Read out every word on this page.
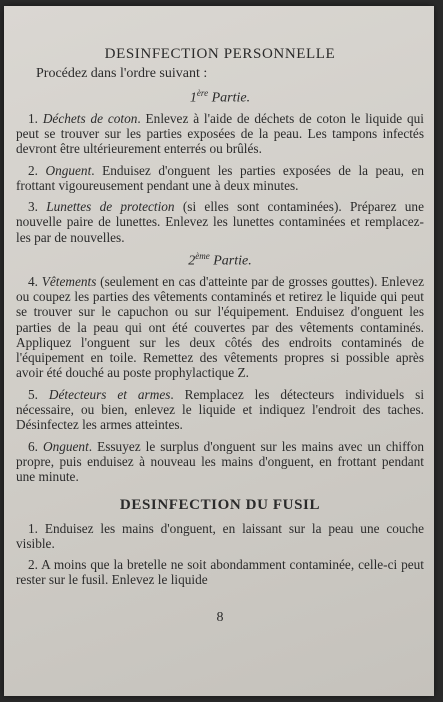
DESINFECTION PERSONNELLE

Procédez dans l'ordre suivant :

1ère Partie.

1. Déchets de coton. Enlevez à l'aide de déchets de coton le liquide qui peut se trouver sur les parties exposées de la peau. Les tampons infectés devront être ultérieurement enterrés ou brûlés.

2. Onguent. Enduisez d'onguent les parties exposées de la peau, en frottant vigoureusement pendant une à deux minutes.

3. Lunettes de protection (si elles sont contaminées). Préparez une nouvelle paire de lunettes. Enlevez les lunettes contaminées et remplacez-les par de nouvelles.

2ème Partie.

4. Vêtements (seulement en cas d'atteinte par de grosses gouttes). Enlevez ou coupez les parties des vêtements contaminés et retirez le liquide qui peut se trouver sur le capuchon ou sur l'équipement. Enduisez d'onguent les parties de la peau qui ont été couvertes par des vêtements contaminés. Appliquez l'onguent sur les deux côtés des endroits contaminés de l'équipement en toile. Remettez des vêtements propres si possible après avoir été douché au poste prophylactique Z.

5. Détecteurs et armes. Remplacez les détecteurs individuels si nécessaire, ou bien, enlevez le liquide et indiquez l'endroit des taches. Désinfectez les armes atteintes.

6. Onguent. Essuyez le surplus d'onguent sur les mains avec un chiffon propre, puis enduisez à nouveau les mains d'onguent, en frottant pendant une minute.

DESINFECTION DU FUSIL

1. Enduisez les mains d'onguent, en laissant sur la peau une couche visible.

2. A moins que la bretelle ne soit abondamment contaminée, celle-ci peut rester sur le fusil. Enlevez le liquide

8
